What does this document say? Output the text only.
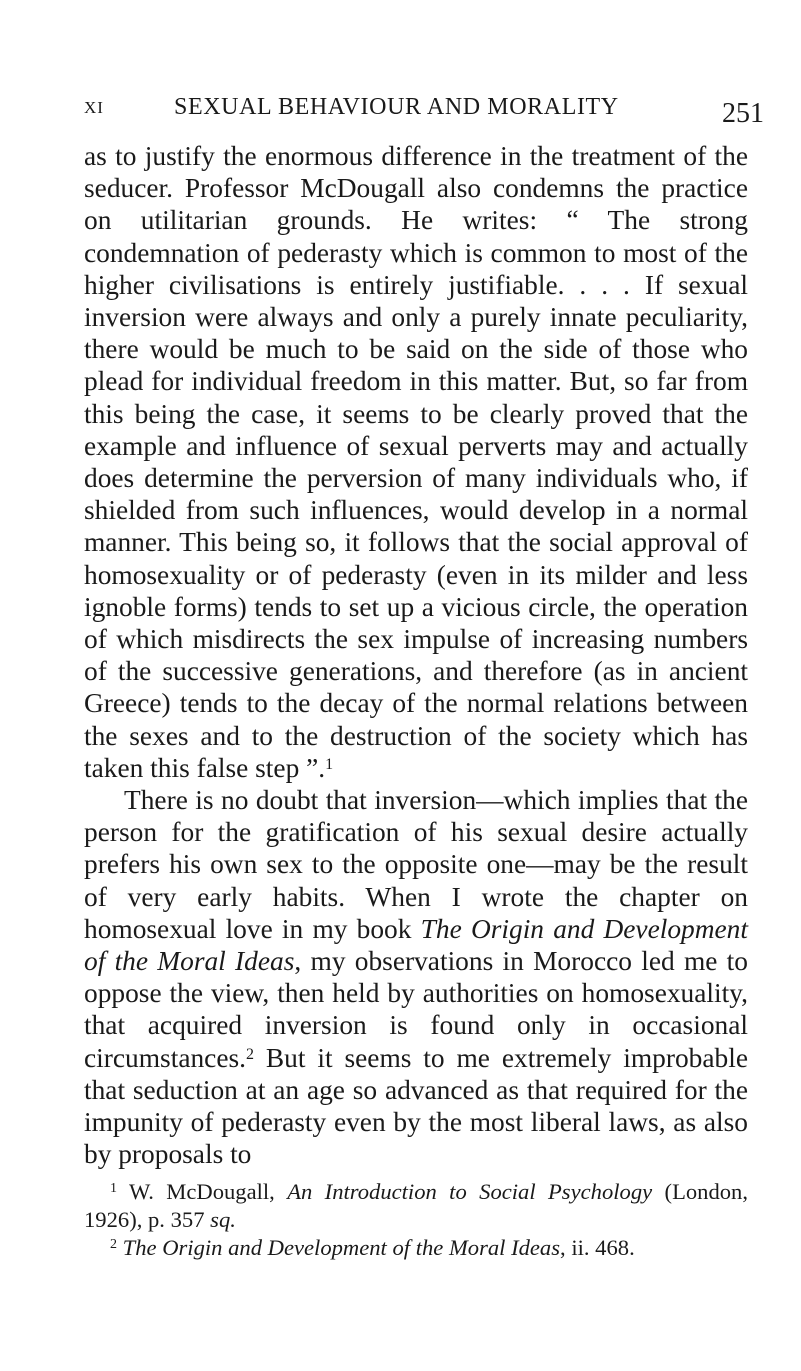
XI	SEXUAL BEHAVIOUR AND MORALITY	251

as to justify the enormous difference in the treatment of the seducer. Professor McDougall also condemns the practice on utilitarian grounds. He writes: “ The strong condemnation of pederasty which is common to most of the higher civilisations is entirely justifiable. . . . If sexual inversion were always and only a purely innate peculiarity, there would be much to be said on the side of those who plead for individual freedom in this matter. But, so far from this being the case, it seems to be clearly proved that the example and influence of sexual perverts may and actually does determine the perversion of many individuals who, if shielded from such influences, would develop in a normal manner. This being so, it follows that the social approval of homosexuality or of pederasty (even in its milder and less ignoble forms) tends to set up a vicious circle, the operation of which misdirects the sex impulse of increasing numbers of the successive generations, and therefore (as in ancient Greece) tends to the decay of the normal relations between the sexes and to the destruction of the society which has taken this false step ”.$^1$

There is no doubt that inversion—which implies that the person for the gratification of his sexual desire actually prefers his own sex to the opposite one—may be the result of very early habits. When I wrote the chapter on homosexual love in my book The Origin and Development of the Moral Ideas, my observations in Morocco led me to oppose the view, then held by authorities on homosexuality, that acquired inversion is found only in occasional circumstances.$^2$ But it seems to me extremely improbable that seduction at an age so advanced as that required for the impunity of pederasty even by the most liberal laws, as also by proposals to

$^1$ W. McDougall, An Introduction to Social Psychology (London, 1926), p. 357 sq.

$^2$ The Origin and Development of the Moral Ideas, ii. 468.
